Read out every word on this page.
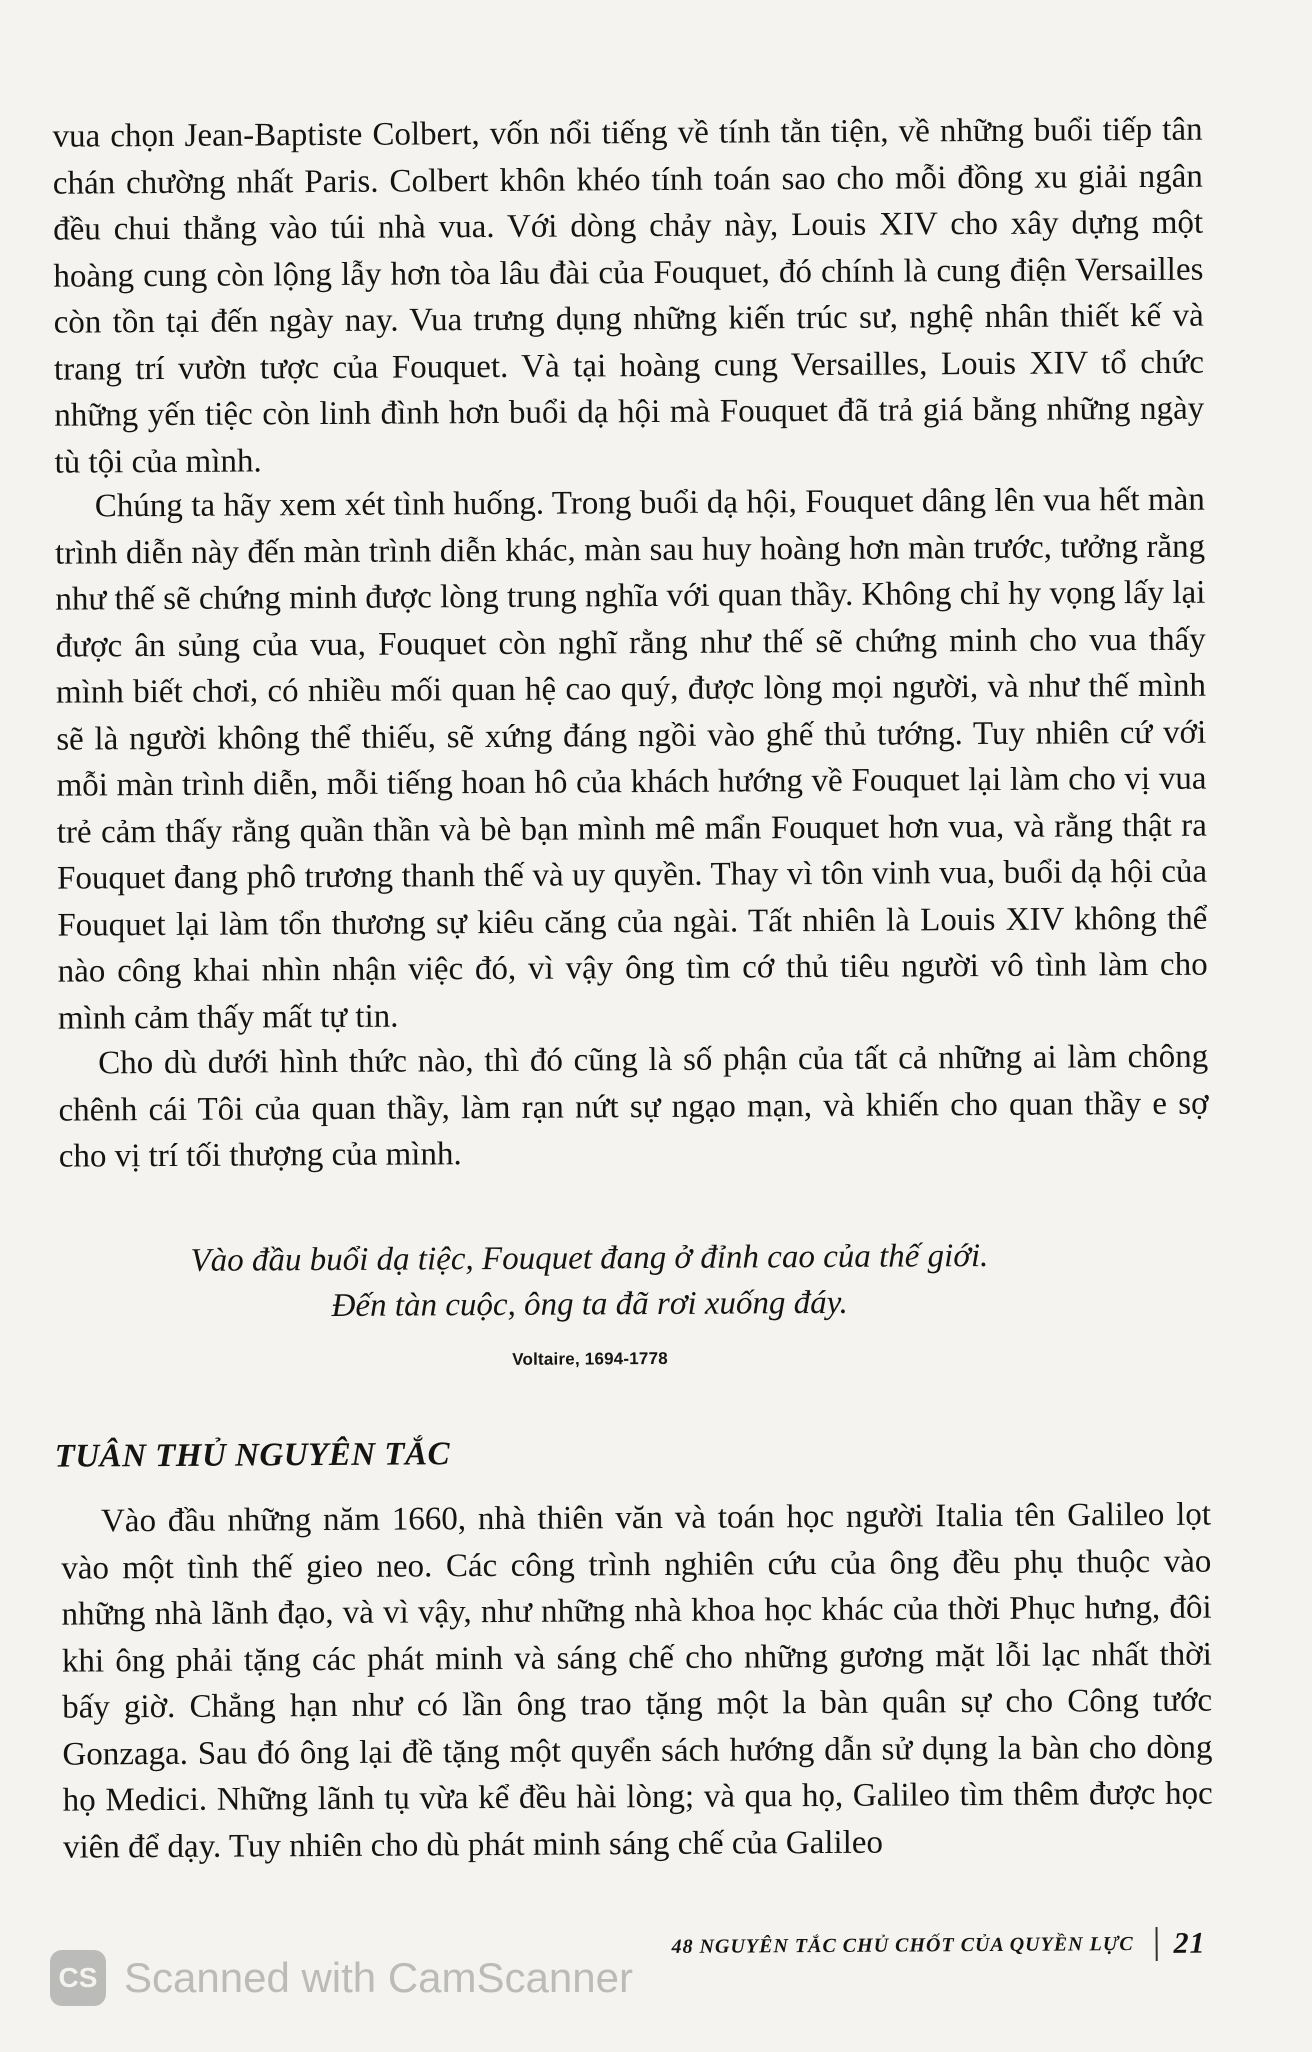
vua chọn Jean-Baptiste Colbert, vốn nổi tiếng về tính tằn tiện, về những buổi tiếp tân chán chường nhất Paris. Colbert khôn khéo tính toán sao cho mỗi đồng xu giải ngân đều chui thẳng vào túi nhà vua. Với dòng chảy này, Louis XIV cho xây dựng một hoàng cung còn lộng lẫy hơn tòa lâu đài của Fouquet, đó chính là cung điện Versailles còn tồn tại đến ngày nay. Vua trưng dụng những kiến trúc sư, nghệ nhân thiết kế và trang trí vườn tược của Fouquet. Và tại hoàng cung Versailles, Louis XIV tổ chức những yến tiệc còn linh đình hơn buổi dạ hội mà Fouquet đã trả giá bằng những ngày tù tội của mình.

Chúng ta hãy xem xét tình huống. Trong buổi dạ hội, Fouquet dâng lên vua hết màn trình diễn này đến màn trình diễn khác, màn sau huy hoàng hơn màn trước, tưởng rằng như thế sẽ chứng minh được lòng trung nghĩa với quan thầy. Không chỉ hy vọng lấy lại được ân sủng của vua, Fouquet còn nghĩ rằng như thế sẽ chứng minh cho vua thấy mình biết chơi, có nhiều mối quan hệ cao quý, được lòng mọi người, và như thế mình sẽ là người không thể thiếu, sẽ xứng đáng ngồi vào ghế thủ tướng. Tuy nhiên cứ với mỗi màn trình diễn, mỗi tiếng hoan hô của khách hướng về Fouquet lại làm cho vị vua trẻ cảm thấy rằng quần thần và bè bạn mình mê mẩn Fouquet hơn vua, và rằng thật ra Fouquet đang phô trương thanh thế và uy quyền. Thay vì tôn vinh vua, buổi dạ hội của Fouquet lại làm tổn thương sự kiêu căng của ngài. Tất nhiên là Louis XIV không thể nào công khai nhìn nhận việc đó, vì vậy ông tìm cớ thủ tiêu người vô tình làm cho mình cảm thấy mất tự tin.

Cho dù dưới hình thức nào, thì đó cũng là số phận của tất cả những ai làm chông chênh cái Tôi của quan thầy, làm rạn nứt sự ngạo mạn, và khiến cho quan thầy e sợ cho vị trí tối thượng của mình.

Vào đầu buổi dạ tiệc, Fouquet đang ở đỉnh cao của thế giới.
Đến tàn cuộc, ông ta đã rơi xuống đáy.
Voltaire, 1694-1778
TUÂN THỦ NGUYÊN TẮC

Vào đầu những năm 1660, nhà thiên văn và toán học người Italia tên Galileo lọt vào một tình thế gieo neo. Các công trình nghiên cứu của ông đều phụ thuộc vào những nhà lãnh đạo, và vì vậy, như những nhà khoa học khác của thời Phục hưng, đôi khi ông phải tặng các phát minh và sáng chế cho những gương mặt lỗi lạc nhất thời bấy giờ. Chẳng hạn như có lần ông trao tặng một la bàn quân sự cho Công tước Gonzaga. Sau đó ông lại đề tặng một quyển sách hướng dẫn sử dụng la bàn cho dòng họ Medici. Những lãnh tụ vừa kể đều hài lòng; và qua họ, Galileo tìm thêm được học viên để dạy. Tuy nhiên cho dù phát minh sáng chế của Galileo

48 NGUYÊN TẮC CHỦ CHỐT CỦA QUYỀN LỰC 21
CS Scanned with CamScanner
